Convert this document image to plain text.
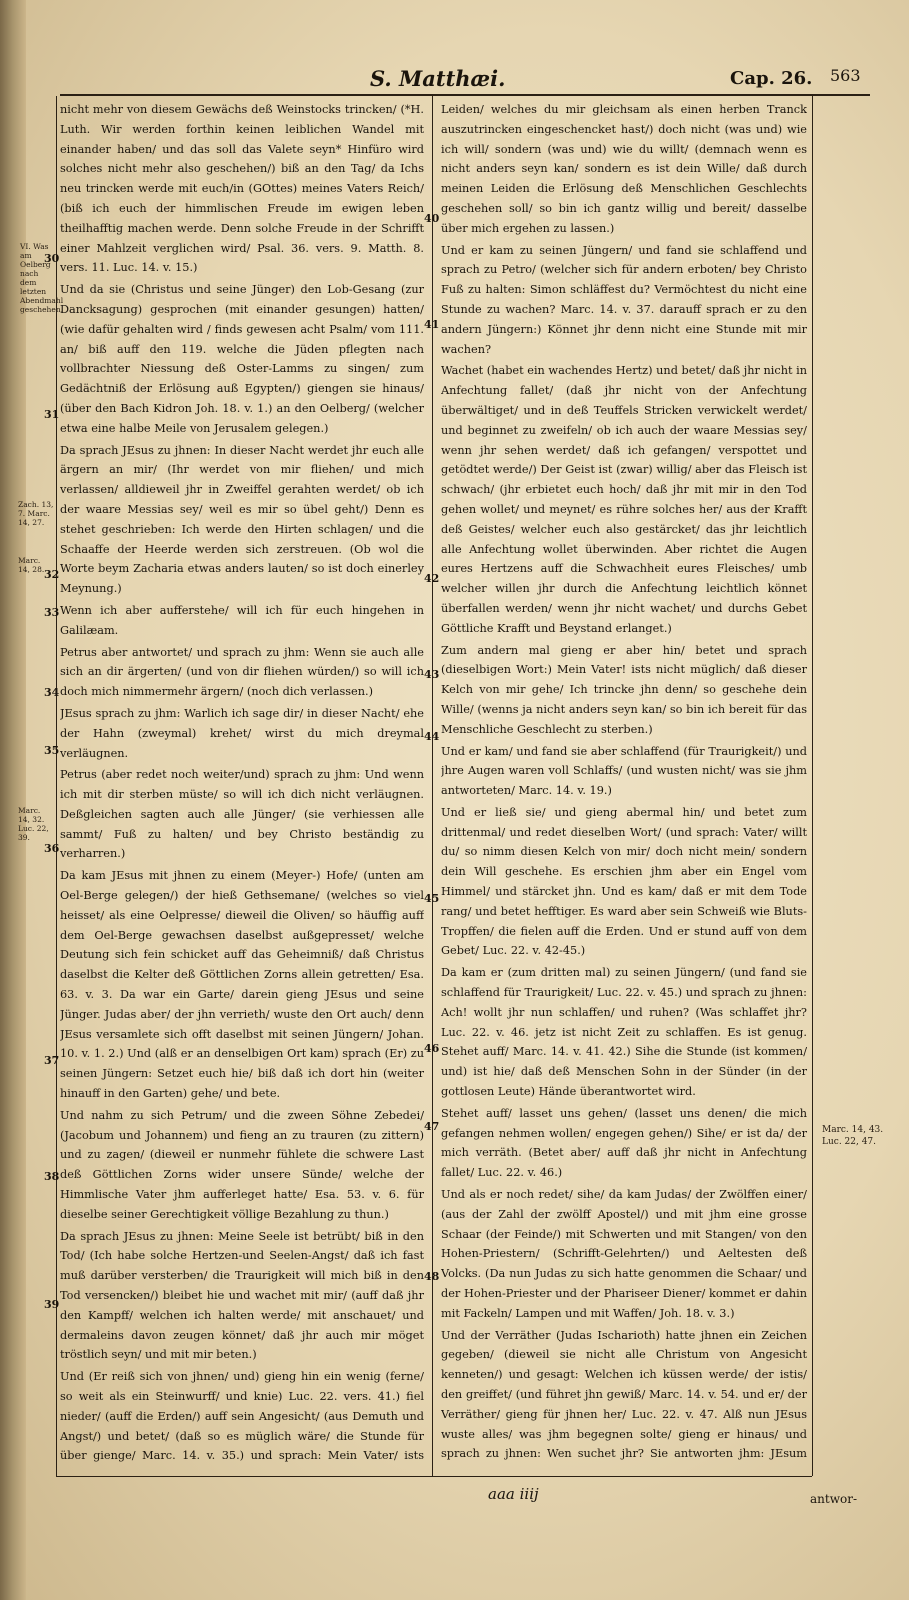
S. Matthæi.	Cap. 26. 563
30
31
32
33
34
35
36
37
38
39
40
41
42
43
44
45
46
47
48
VI. Was am Oelberg nach dem letzten Abendmahl geschehen.
Zach. 13, 7. Marc. 14, 27.
Marc. 14, 28.
Marc. 14, 32. Luc. 22, 39.
Marc. 14, 43. Luc. 22, 47.

nicht mehr von diesem Gewächs deß Weinstocks trincken/ (*H. Luth. Wir werden forthin keinen leiblichen Wandel mit einander haben/ und das soll das Valete seyn* Hinfüro wird solches nicht mehr also geschehen/) biß an den Tag/ da Ichs neu trincken werde mit euch/in (GOttes) meines Vaters Reich/ (biß ich euch der himmlischen Freude im ewigen leben theilhafftig machen werde. Denn solche Freude in der Schrifft einer Mahlzeit verglichen wird/ Psal. 36. vers. 9. Matth. 8. vers. 11. Luc. 14. v. 15.)

Und da sie (Christus und seine Jünger) den Lob-Gesang (zur Dancksagung) gesprochen (mit einander gesungen) hatten/ (wie dafür gehalten wird / finds gewesen acht Psalm/ vom 111. an/ biß auff den 119. welche die Jüden pflegten nach vollbrachter Niessung deß Oster-Lamms zu singen/ zum Gedächtniß der Erlösung auß Egypten/) giengen sie hinaus/ (über den Bach Kidron Joh. 18. v. 1.) an den Oelberg/ (welcher etwa eine halbe Meile von Jerusalem gelegen.)

Da sprach JEsus zu jhnen: In dieser Nacht werdet jhr euch alle ärgern an mir/ (Ihr werdet von mir fliehen/ und mich verlassen/ alldieweil jhr in Zweiffel gerahten werdet/ ob ich der waare Messias sey/ weil es mir so übel geht/) Denn es stehet geschrieben: Ich werde den Hirten schlagen/ und die Schaaffe der Heerde werden sich zerstreuen. (Ob wol die Worte beym Zacharia etwas anders lauten/ so ist doch einerley Meynung.)

Wenn ich aber aufferstehe/ will ich für euch hingehen in Galilæam.

Petrus aber antwortet/ und sprach zu jhm: Wenn sie auch alle sich an dir ärgerten/ (und von dir fliehen würden/) so will ich doch mich nimmermehr ärgern/ (noch dich verlassen.)

JEsus sprach zu jhm: Warlich ich sage dir/ in dieser Nacht/ ehe der Hahn (zweymal) krehet/ wirst du mich dreymal verläugnen.

Petrus (aber redet noch weiter/und) sprach zu jhm: Und wenn ich mit dir sterben müste/ so will ich dich nicht verläugnen. Deßgleichen sagten auch alle Jünger/ (sie verhiessen alle sammt/ Fuß zu halten/ und bey Christo beständig zu verharren.)

Da kam JEsus mit jhnen zu einem (Meyer-) Hofe/ (unten am Oel-Berge gelegen/) der hieß Gethsemane/ (welches so viel heisset/ als eine Oelpresse/ dieweil die Oliven/ so häuffig auff dem Oel-Berge gewachsen daselbst außgepresset/ welche Deutung sich fein schicket auff das Geheimniß/ daß Christus daselbst die Kelter deß Göttlichen Zorns allein getretten/ Esa. 63. v. 3. Da war ein Garte/ darein gieng JEsus und seine Jünger. Judas aber/ der jhn verrieth/ wuste den Ort auch/ denn JEsus versamlete sich offt daselbst mit seinen Jüngern/ Johan. 10. v. 1. 2.) Und (alß er an denselbigen Ort kam) sprach (Er) zu seinen Jüngern: Setzet euch hie/ biß daß ich dort hin (weiter hinauff in den Garten) gehe/ und bete.

Und nahm zu sich Petrum/ und die zween Söhne Zebedei/ (Jacobum und Johannem) und fieng an zu trauren (zu zittern) und zu zagen/ (dieweil er nunmehr fühlete die schwere Last deß Göttlichen Zorns wider unsere Sünde/ welche der Himmlische Vater jhm aufferleget hatte/ Esa. 53. v. 6. für dieselbe seiner Gerechtigkeit völlige Bezahlung zu thun.)

Da sprach JEsus zu jhnen: Meine Seele ist betrübt/ biß in den Tod/ (Ich habe solche Hertzen-und Seelen-Angst/ daß ich fast muß darüber versterben/ die Traurigkeit will mich biß in den Tod versencken/) bleibet hie und wachet mit mir/ (auff daß jhr den Kampff/ welchen ich halten werde/ mit anschauet/ und dermaleins davon zeugen könnet/ daß jhr auch mir möget tröstlich seyn/ und mit mir beten.)

Und (Er reiß sich von jhnen/ und) gieng hin ein wenig (ferne/ so weit als ein Steinwurff/ und knie) Luc. 22. vers. 41.) fiel nieder/ (auff die Erden/) auff sein Angesicht/ (aus Demuth und Angst/) und betet/ (daß so es müglich wäre/ die Stunde für über gienge/ Marc. 14. v. 35.) und sprach: Mein Vater/ ists

Leiden/ welches du mir gleichsam als einen herben Tranck auszutrincken eingeschencket hast/) doch nicht (was und) wie ich will/ sondern (was und) wie du willt/ (demnach wenn es nicht anders seyn kan/ sondern es ist dein Wille/ daß durch meinen Leiden die Erlösung deß Menschlichen Geschlechts geschehen soll/ so bin ich gantz willig und bereit/ dasselbe über mich ergehen zu lassen.)

Und er kam zu seinen Jüngern/ und fand sie schlaffend und sprach zu Petro/ (welcher sich für andern erboten/ bey Christo Fuß zu halten: Simon schläffest du? Vermöchtest du nicht eine Stunde zu wachen? Marc. 14. v. 37. darauff sprach er zu den andern Jüngern:) Könnet jhr denn nicht eine Stunde mit mir wachen?

Wachet (habet ein wachendes Hertz) und betet/ daß jhr nicht in Anfechtung fallet/ (daß jhr nicht von der Anfechtung überwältiget/ und in deß Teuffels Stricken verwickelt werdet/ und beginnet zu zweifeln/ ob ich auch der waare Messias sey/ wenn jhr sehen werdet/ daß ich gefangen/ verspottet und getödtet werde/) Der Geist ist (zwar) willig/ aber das Fleisch ist schwach/ (jhr erbietet euch hoch/ daß jhr mit mir in den Tod gehen wollet/ und meynet/ es rühre solches her/ aus der Krafft deß Geistes/ welcher euch also gestärcket/ das jhr leichtlich alle Anfechtung wollet überwinden. Aber richtet die Augen eures Hertzens auff die Schwachheit eures Fleisches/ umb welcher willen jhr durch die Anfechtung leichtlich könnet überfallen werden/ wenn jhr nicht wachet/ und durchs Gebet Göttliche Krafft und Beystand erlanget.)

Zum andern mal gieng er aber hin/ betet und sprach (dieselbigen Wort:) Mein Vater! ists nicht müglich/ daß dieser Kelch von mir gehe/ Ich trincke jhn denn/ so geschehe dein Wille/ (wenns ja nicht anders seyn kan/ so bin ich bereit für das Menschliche Geschlecht zu sterben.)

Und er kam/ und fand sie aber schlaffend (für Traurigkeit/) und jhre Augen waren voll Schlaffs/ (und wusten nicht/ was sie jhm antworteten/ Marc. 14. v. 19.)

Und er ließ sie/ und gieng abermal hin/ und betet zum drittenmal/ und redet dieselben Wort/ (und sprach: Vater/ willt du/ so nimm diesen Kelch von mir/ doch nicht mein/ sondern dein Will geschehe. Es erschien jhm aber ein Engel vom Himmel/ und stärcket jhn. Und es kam/ daß er mit dem Tode rang/ und betet hefftiger. Es ward aber sein Schweiß wie Bluts-Tropffen/ die fielen auff die Erden. Und er stund auff von dem Gebet/ Luc. 22. v. 42-45.)

Da kam er (zum dritten mal) zu seinen Jüngern/ (und fand sie schlaffend für Traurigkeit/ Luc. 22. v. 45.) und sprach zu jhnen: Ach! wollt jhr nun schlaffen/ und ruhen? (Was schlaffet jhr? Luc. 22. v. 46. jetz ist nicht Zeit zu schlaffen. Es ist genug. Stehet auff/ Marc. 14. v. 41. 42.) Sihe die Stunde (ist kommen/ und) ist hie/ daß deß Menschen Sohn in der Sünder (in der gottlosen Leute) Hände überantwortet wird.

Stehet auff/ lasset uns gehen/ (lasset uns denen/ die mich gefangen nehmen wollen/ engegen gehen/) Sihe/ er ist da/ der mich verräth. (Betet aber/ auff daß jhr nicht in Anfechtung fallet/ Luc. 22. v. 46.)

Und als er noch redet/ sihe/ da kam Judas/ der Zwölffen einer/ (aus der Zahl der zwölff Apostel/) und mit jhm eine grosse Schaar (der Feinde/) mit Schwerten und mit Stangen/ von den Hohen-Priestern/ (Schrifft-Gelehrten/) und Aeltesten deß Volcks. (Da nun Judas zu sich hatte genommen die Schaar/ und der Hohen-Priester und der Phariseer Diener/ kommet er dahin mit Fackeln/ Lampen und mit Waffen/ Joh. 18. v. 3.)

Und der Verräther (Judas Ischarioth) hatte jhnen ein Zeichen gegeben/ (dieweil sie nicht alle Christum von Angesicht kenneten/) und gesagt: Welchen ich küssen werde/ der istis/ den greiffet/ (und führet jhn gewiß/ Marc. 14. v. 54. und er/ der Verräther/ gieng für jhnen her/ Luc. 22. v. 47. Alß nun JEsus wuste alles/ was jhm begegnen solte/ gieng er hinaus/ und sprach zu jhnen: Wen suchet jhr? Sie antworten jhm: JEsum

aaa iiij	antwor-
